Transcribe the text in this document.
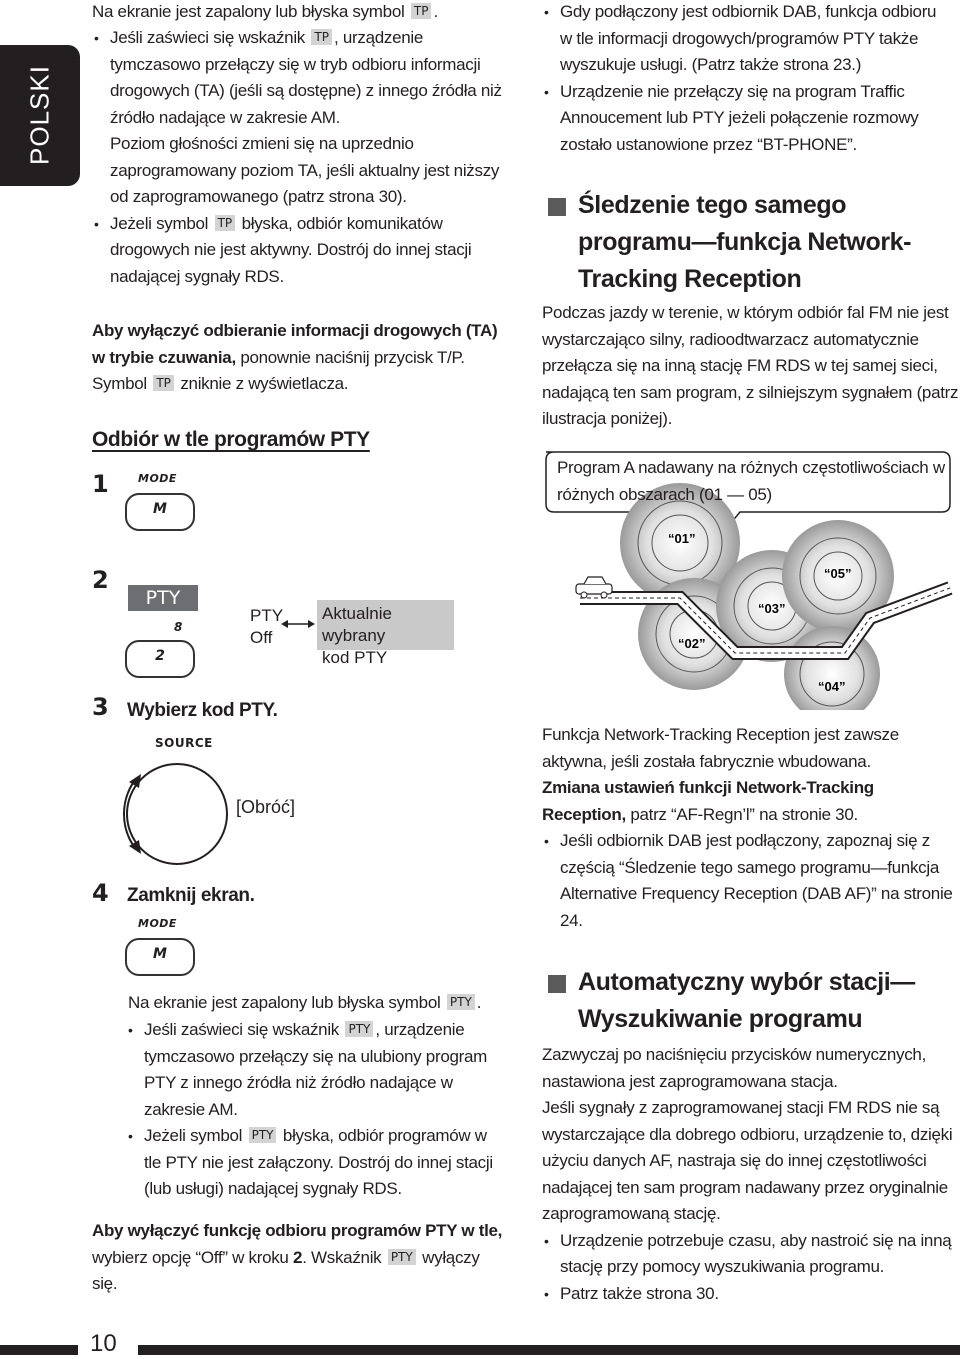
POLSKI
Na ekranie jest zapalony lub błyska symbol TP .
• Jeśli zaświeci się wskaźnik TP , urządzenie tymczasowo przełączy się w tryb odbioru informacji drogowych (TA) (jeśli są dostępne) z innego źródła niż źródło nadające w zakresie AM.
Poziom głośności zmieni się na uprzednio zaprogramowany poziom TA, jeśli aktualny jest niższy od zaprogramowanego (patrz strona 30).
• Jeżeli symbol TP błyska, odbiór komunikatów drogowych nie jest aktywny. Dostrój do innej stacji nadającej sygnały RDS.
Aby wyłączyć odbieranie informacji drogowych (TA) w trybie czuwania, ponownie naciśnij przycisk T/P. Symbol TP zniknie z wyświetlacza.
Odbiór w tle programów PTY
1	MODE
M
2
PTY
8
2
PTY
Off
Aktualnie wybrany
kod PTY
3 Wybierz kod PTY.
SOURCE
[Obróć]
4 Zamknij ekran.
MODE
M
Na ekranie jest zapalony lub błyska symbol PTY .
• Jeśli zaświeci się wskaźnik PTY , urządzenie tymczasowo przełączy się na ulubiony program PTY z innego źródła niż źródło nadające w zakresie AM.
• Jeżeli symbol PTY błyska, odbiór programów w tle PTY nie jest załączony. Dostrój do innej stacji (lub usługi) nadającej sygnały RDS.
Aby wyłączyć funkcję odbioru programów PTY w tle, wybierz opcję “Off” w kroku 2. Wskaźnik PTY wyłączy się.
• Gdy podłączony jest odbiornik DAB, funkcja odbioru w tle informacji drogowych/programów PTY także wyszukuje usługi. (Patrz także strona 23.)
• Urządzenie nie przełączy się na program Traffic Annoucement lub PTY jeżeli połączenie rozmowy zostało ustanowione przez “BT-PHONE”.
Śledzenie tego samego
programu—funkcja Network-
Tracking Reception
Podczas jazdy w terenie, w którym odbiór fal FM nie jest wystarczająco silny, radioodtwarzacz automatycznie przełącza się na inną stację FM RDS w tej samej sieci, nadającą ten sam program, z silniejszym sygnałem (patrz ilustracja poniżej).
“01”
“02”
“03”
“04”
“05”
Program A nadawany na różnych częstotliwościach w różnych obszarach (01 — 05)
Funkcja Network-Tracking Reception jest zawsze aktywna, jeśli została fabrycznie wbudowana.
Zmiana ustawień funkcji Network-Tracking Reception, patrz “AF-Regn’l” na stronie 30.
• Jeśli odbiornik DAB jest podłączony, zapoznaj się z częścią “Śledzenie tego samego programu—funkcja Alternative Frequency Reception (DAB AF)” na stronie 24.
Automatyczny wybór stacji—
Wyszukiwanie programu
Zazwyczaj po naciśnięciu przycisków numerycznych, nastawiona jest zaprogramowana stacja.
Jeśli sygnały z zaprogramowanej stacji FM RDS nie są wystarczające dla dobrego odbioru, urządzenie to, dzięki użyciu danych AF, nastraja się do innej częstotliwości nadającej ten sam program nadawany przez oryginalnie zaprogramowaną stację.
• Urządzenie potrzebuje czasu, aby nastroić się na inną stację przy pomocy wyszukiwania programu.
• Patrz także strona 30.
10
